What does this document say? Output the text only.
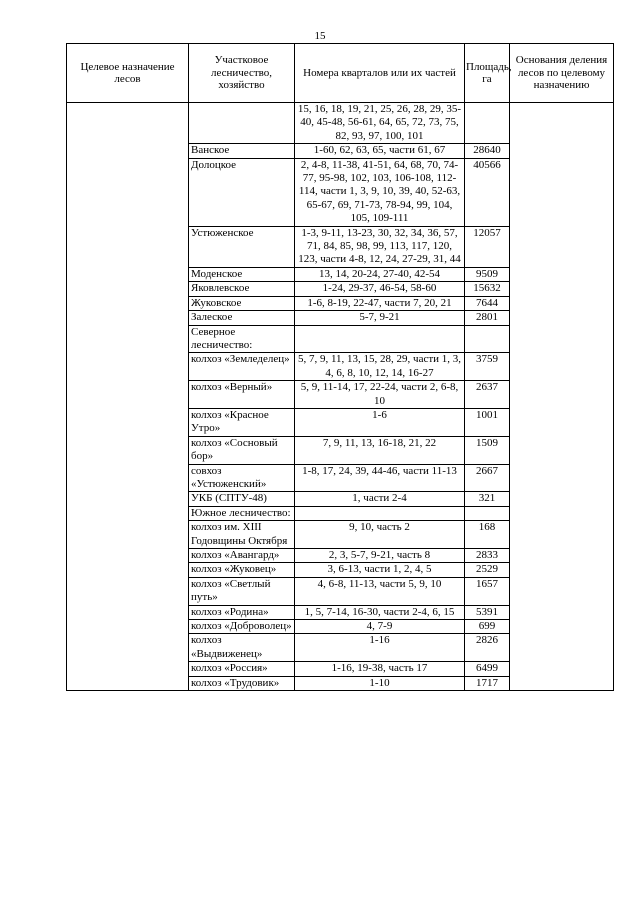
15
Целевое назначение лесов	Участковое лесничество, хозяйство	Номера кварталов или их частей	Площадь, га	Основания деления лесов по целевому назначению
		15, 16, 18, 19, 21, 25, 26, 28, 29, 35-40, 45-48, 56-61, 64, 65, 72, 73, 75, 82, 93, 97, 100, 101		
	Ванское	1-60, 62, 63, 65, части 61, 67	28640	
	Долоцкое	2, 4-8, 11-38, 41-51, 64, 68, 70, 74-77, 95-98, 102, 103, 106-108, 112-114, части 1, 3, 9, 10, 39, 40, 52-63, 65-67, 69, 71-73, 78-94, 99, 104, 105, 109-111	40566	
	Устюженское	1-3, 9-11, 13-23, 30, 32, 34, 36, 57, 71, 84, 85, 98, 99, 113, 117, 120, 123, части 4-8, 12, 24, 27-29, 31, 44	12057	
	Моденское	13, 14, 20-24, 27-40, 42-54	9509	
	Яковлевское	1-24, 29-37, 46-54, 58-60	15632	
	Жуковское	1-6, 8-19, 22-47, части 7, 20, 21	7644	
	Залеское	5-7, 9-21	2801	
	Северное лесничество:			
	колхоз «Земледелец»	5, 7, 9, 11, 13, 15, 28, 29, части 1, 3, 4, 6, 8, 10, 12, 14, 16-27	3759	
	колхоз «Верный»	5, 9, 11-14, 17, 22-24, части 2, 6-8, 10	2637	
	колхоз «Красное Утро»	1-6	1001	
	колхоз «Сосновый бор»	7, 9, 11, 13, 16-18, 21, 22	1509	
	совхоз «Устюженский»	1-8, 17, 24, 39, 44-46, части 11-13	2667	
	УКБ (СПТУ-48)	1, части 2-4	321	
	Южное лесничество:			
	колхоз им. XIII Годовщины Октября	9, 10, часть 2	168	
	колхоз «Авангард»	2, 3, 5-7, 9-21, часть 8	2833	
	колхоз «Жуковец»	3, 6-13, части 1, 2, 4, 5	2529	
	колхоз «Светлый путь»	4, 6-8, 11-13, части 5, 9, 10	1657	
	колхоз «Родина»	1, 5, 7-14, 16-30, части 2-4, 6, 15	5391	
	колхоз «Доброволец»	4, 7-9	699	
	колхоз «Выдвиженец»	1-16	2826	
	колхоз «Россия»	1-16, 19-38, часть 17	6499	
	колхоз «Трудовик»	1-10	1717	
